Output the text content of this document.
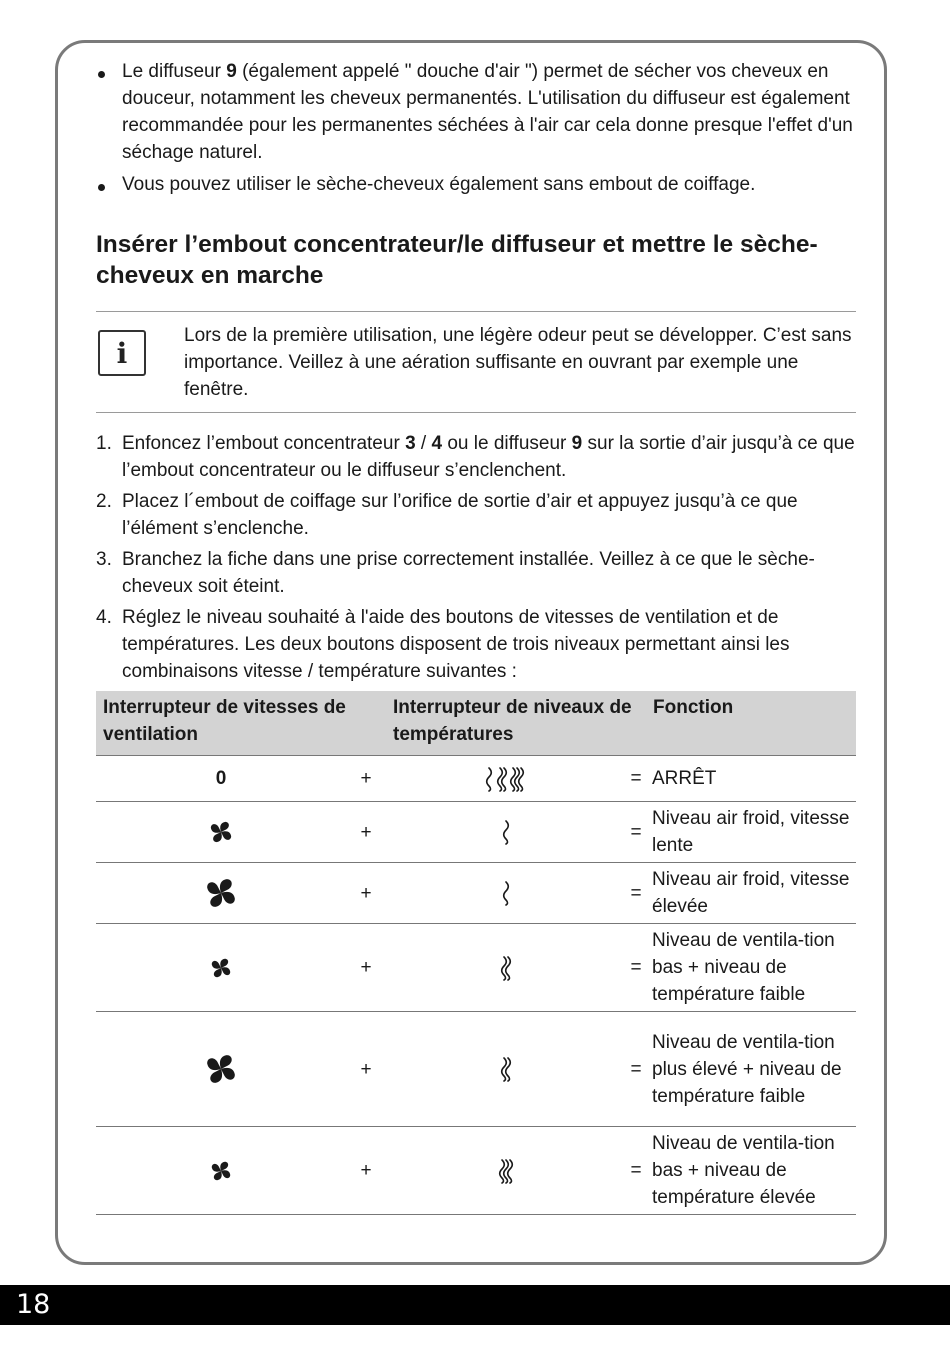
Le diffuseur 9 (également appelé " douche d'air ") permet de sécher vos cheveux en douceur, notamment les cheveux permanentés. L'utilisation du diffuseur est également recommandée pour les permanentes séchées à l'air car cela donne presque l'effet d'un séchage naturel.
Vous pouvez utiliser le sèche-cheveux également sans embout de coiffage.
Insérer l’embout concentrateur/le diffuseur et mettre le sèche-cheveux en marche
i
Lors de la première utilisation, une légère odeur peut se développer. C’est sans importance. Veillez à une aération suffisante en ouvrant par exemple une fenêtre.
1. Enfoncez l’embout concentrateur 3 / 4 ou le diffuseur 9 sur la sortie d’air jusqu’à ce que l’embout concentrateur ou le diffuseur s’enclenchent.
2. Placez l´embout de coiffage sur l’orifice de sortie d’air et appuyez jusqu’à ce que l’élément s’enclenche.
3. Branchez la fiche dans une prise correctement installée. Veillez à ce que le sèche-cheveux soit éteint.
4. Réglez le niveau souhaité à l'aide des boutons de vitesses de ventilation et de températures. Les deux boutons disposent de trois niveaux permettant ainsi les combinaisons vitesse / température suivantes :
Interrupteur de vitesses de ventilation		Interrupteur de niveaux de températures		Fonction
0	+		=	ARRÊT
	+		=	Niveau air froid, vitesse lente
	+		=	Niveau air froid, vitesse élevée
	+		=	Niveau de ventila-tion bas + niveau de température faible
	+		=	Niveau de ventila-tion plus élevé + niveau de température faible
	+		=	Niveau de ventila-tion bas + niveau de température élevée
18
